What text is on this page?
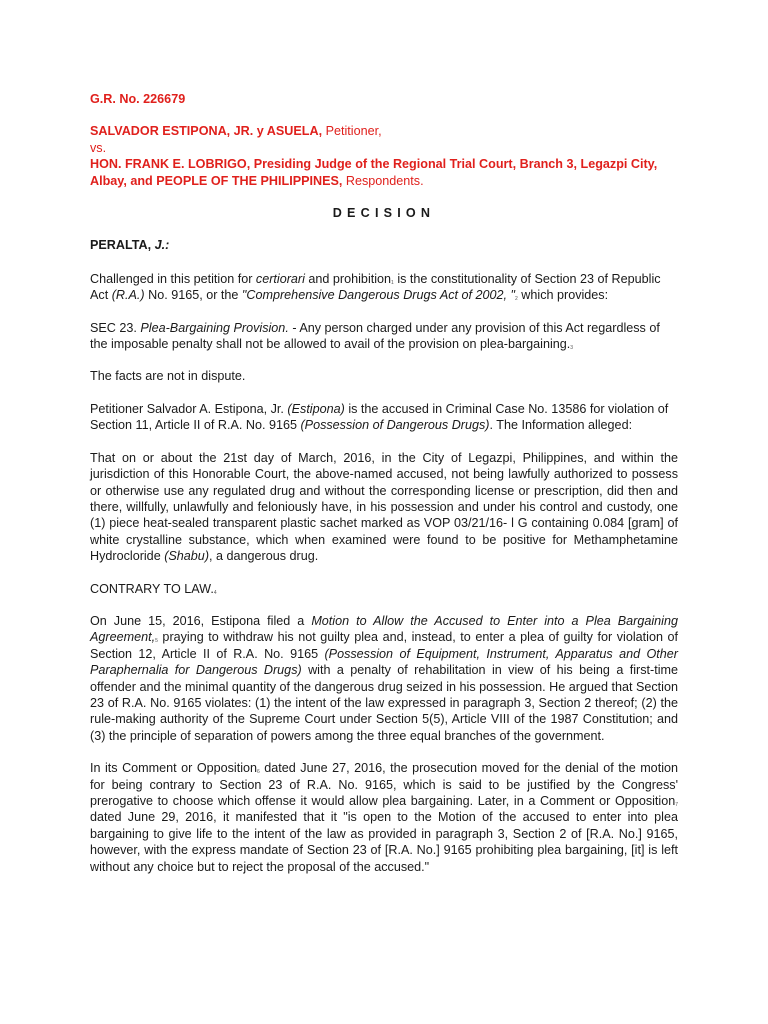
G.R. No. 226679

SALVADOR ESTIPONA, JR. y ASUELA, Petitioner,

vs.

HON. FRANK E. LOBRIGO, Presiding Judge of the Regional Trial Court, Branch 3, Legazpi City, Albay, and PEOPLE OF THE PHILIPPINES, Respondents.

DECISION

PERALTA, J.:

Challenged in this petition for certiorari and prohibition$^1$ is the constitutionality of Section 23 of Republic Act (R.A.) No. 9165, or the "Comprehensive Dangerous Drugs Act of 2002, "$^2$ which provides:

SEC 23. Plea-Bargaining Provision. - Any person charged under any provision of this Act regardless of the imposable penalty shall not be allowed to avail of the provision on plea-bargaining.$^3$

The facts are not in dispute.

Petitioner Salvador A. Estipona, Jr. (Estipona) is the accused in Criminal Case No. 13586 for violation of Section 11, Article II of R.A. No. 9165 (Possession of Dangerous Drugs). The Information alleged:

That on or about the 21st day of March, 2016, in the City of Legazpi, Philippines, and within the jurisdiction of this Honorable Court, the above-named accused, not being lawfully authorized to possess or otherwise use any regulated drug and without the corresponding license or prescription, did then and there, willfully, unlawfully and feloniously have, in his possession and under his control and custody, one (1) piece heat-sealed transparent plastic sachet marked as VOP 03/21/16- l G containing 0.084 [gram] of white crystalline substance, which when examined were found to be positive for Methamphetamine Hydrocloride (Shabu), a dangerous drug.

CONTRARY TO LAW.$^4$

On June 15, 2016, Estipona filed a Motion to Allow the Accused to Enter into a Plea Bargaining Agreement,$^5$ praying to withdraw his not guilty plea and, instead, to enter a plea of guilty for violation of Section 12, Article II of R.A. No. 9165 (Possession of Equipment, Instrument, Apparatus and Other Paraphernalia for Dangerous Drugs) with a penalty of rehabilitation in view of his being a first-time offender and the minimal quantity of the dangerous drug seized in his possession. He argued that Section 23 of R.A. No. 9165 violates: (1) the intent of the law expressed in paragraph 3, Section 2 thereof; (2) the rule-making authority of the Supreme Court under Section 5(5), Article VIII of the 1987 Constitution; and (3) the principle of separation of powers among the three equal branches of the government.

In its Comment or Opposition$^6$ dated June 27, 2016, the prosecution moved for the denial of the motion for being contrary to Section 23 of R.A. No. 9165, which is said to be justified by the Congress' prerogative to choose which offense it would allow plea bargaining. Later, in a Comment or Opposition$^7$ dated June 29, 2016, it manifested that it "is open to the Motion of the accused to enter into plea bargaining to give life to the intent of the law as provided in paragraph 3, Section 2 of [R.A. No.] 9165, however, with the express mandate of Section 23 of [R.A. No.] 9165 prohibiting plea bargaining, [it] is left without any choice but to reject the proposal of the accused."
